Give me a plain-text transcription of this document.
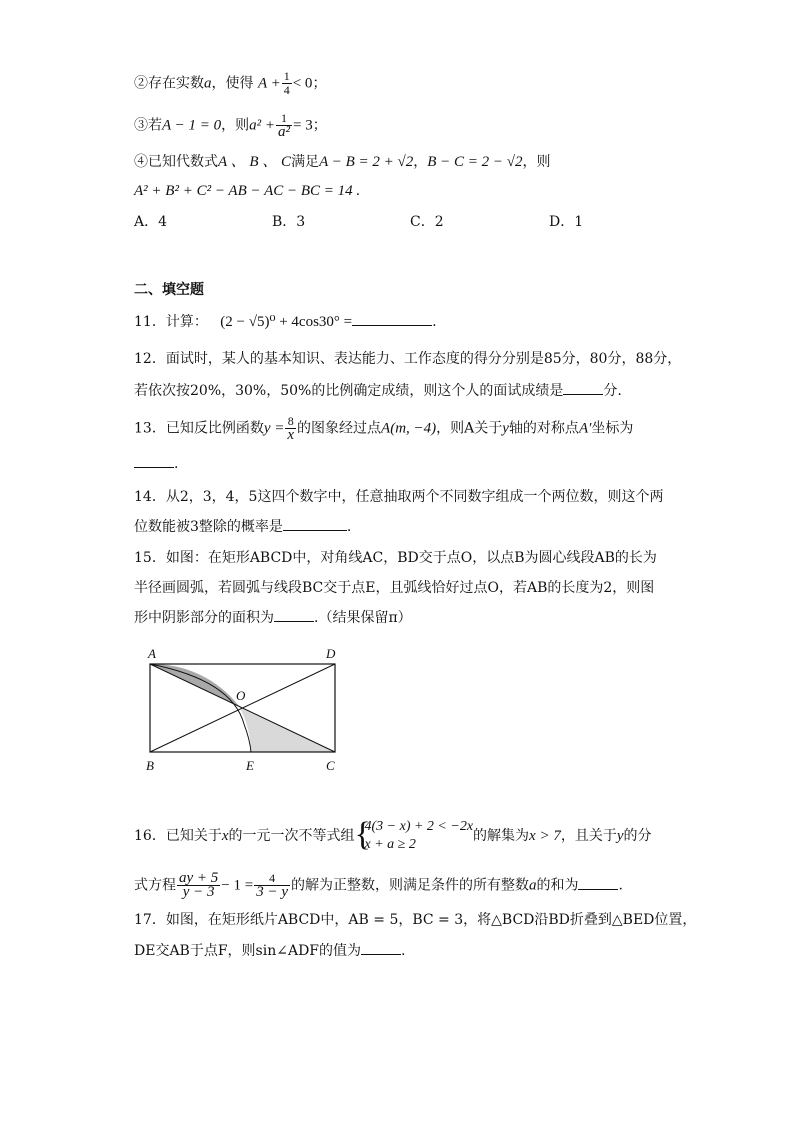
②存在实数a，使得 $A + \frac{1}{4} < 0$；
③若A − 1 = 0，则$a^2 + \frac{1}{\text{a²}} = 3$；
④已知代数式A 、 B 、 C满足A − B = 2 + √2，B − C = 2 − √2，则
A² + B² + C² − AB − AC − BC = 14 .
A．4	B．3	C．2	D．1
二、填空题
11．计算： (2 − √5)⁰ + 4cos30° =	.
12．面试时，某人的基本知识、表达能力、工作态度的得分分别是85分，80分，88分，
若依次按20%，30%，50%的比例确定成绩，则这个人的面试成绩是	分.
13．已知反比例函数$y = \frac{8}{x}$ 的图象经过点A(m, −4)，则A关于y轴的对称点A′坐标为
.
14．从2，3，4，5这四个数字中，任意抽取两个不同数字组成一个两位数，则这个两
位数能被3整除的概率是	.
15．如图：在矩形ABCD中，对角线AC，BD交于点O，以点B为圆心线段AB的长为
半径画圆弧，若圆弧与线段BC交于点E，且弧线恰好过点O，若AB的长度为2，则图
形中阴影部分的面积为	.（结果保留π）
A	D
O
B	E	C
16．已知关于x的一元一次不等式组 {
4(3 − x) + 2 < −2x
x + a ≥ 2
的解集为x > 7，且关于y的分
式方程 $\frac{ay + 5}{y - 3} - 1 = \frac{4}{3 - y}$ 的解为正整数，则满足条件的所有整数a的和为	.
17．如图，在矩形纸片ABCD中，AB = 5，BC = 3，将△BCD沿BD折叠到△BED位置，
DE交AB于点F，则sin∠ADF的值为	.
